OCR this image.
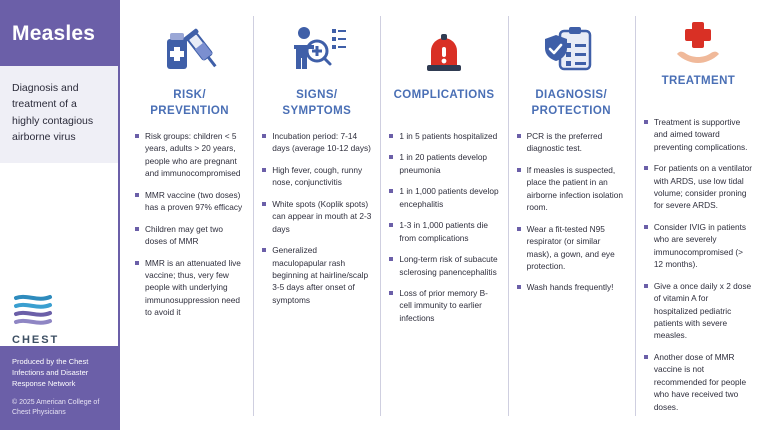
Measles
Diagnosis and treatment of a highly contagious airborne virus
CHEST
Produced by the Chest Infections and Disaster Response Network
© 2025 American College of Chest Physicians
RISK/
PREVENTION
Risk groups: children < 5 years, adults > 20 years, people who are pregnant and immunocompromised
MMR vaccine (two doses) has a proven 97% efficacy
Children may get two doses of MMR
MMR is an attenuated live vaccine; thus, very few people with underlying immunosuppression need to avoid it
SIGNS/
SYMPTOMS
Incubation period: 7-14 days (average 10-12 days)
High fever, cough, runny nose, conjunctivitis
White spots (Koplik spots) can appear in mouth at 2-3 days
Generalized maculopapular rash beginning at hairline/scalp 3-5 days after onset of symptoms
COMPLICATIONS
1 in 5 patients hospitalized
1 in 20 patients develop pneumonia
1 in 1,000 patients develop encephalitis
1-3 in 1,000 patients die from complications
Long-term risk of subacute sclerosing panencephalitis
Loss of prior memory B-cell immunity to earlier infections
DIAGNOSIS/
PROTECTION
PCR is the preferred diagnostic test.
If measles is suspected, place the patient in an airborne infection isolation room.
Wear a fit-tested N95 respirator (or similar mask), a gown, and eye protection.
Wash hands frequently!
TREATMENT
Treatment is supportive and aimed toward preventing complications.
For patients on a ventilator with ARDS, use low tidal volume; consider proning for severe ARDS.
Consider IVIG in patients who are severely immunocompromised (> 12 months).
Give a once daily x 2 dose of vitamin A for hospitalized pediatric patients with severe measles.
Another dose of MMR vaccine is not recommended for people who have received two doses.
